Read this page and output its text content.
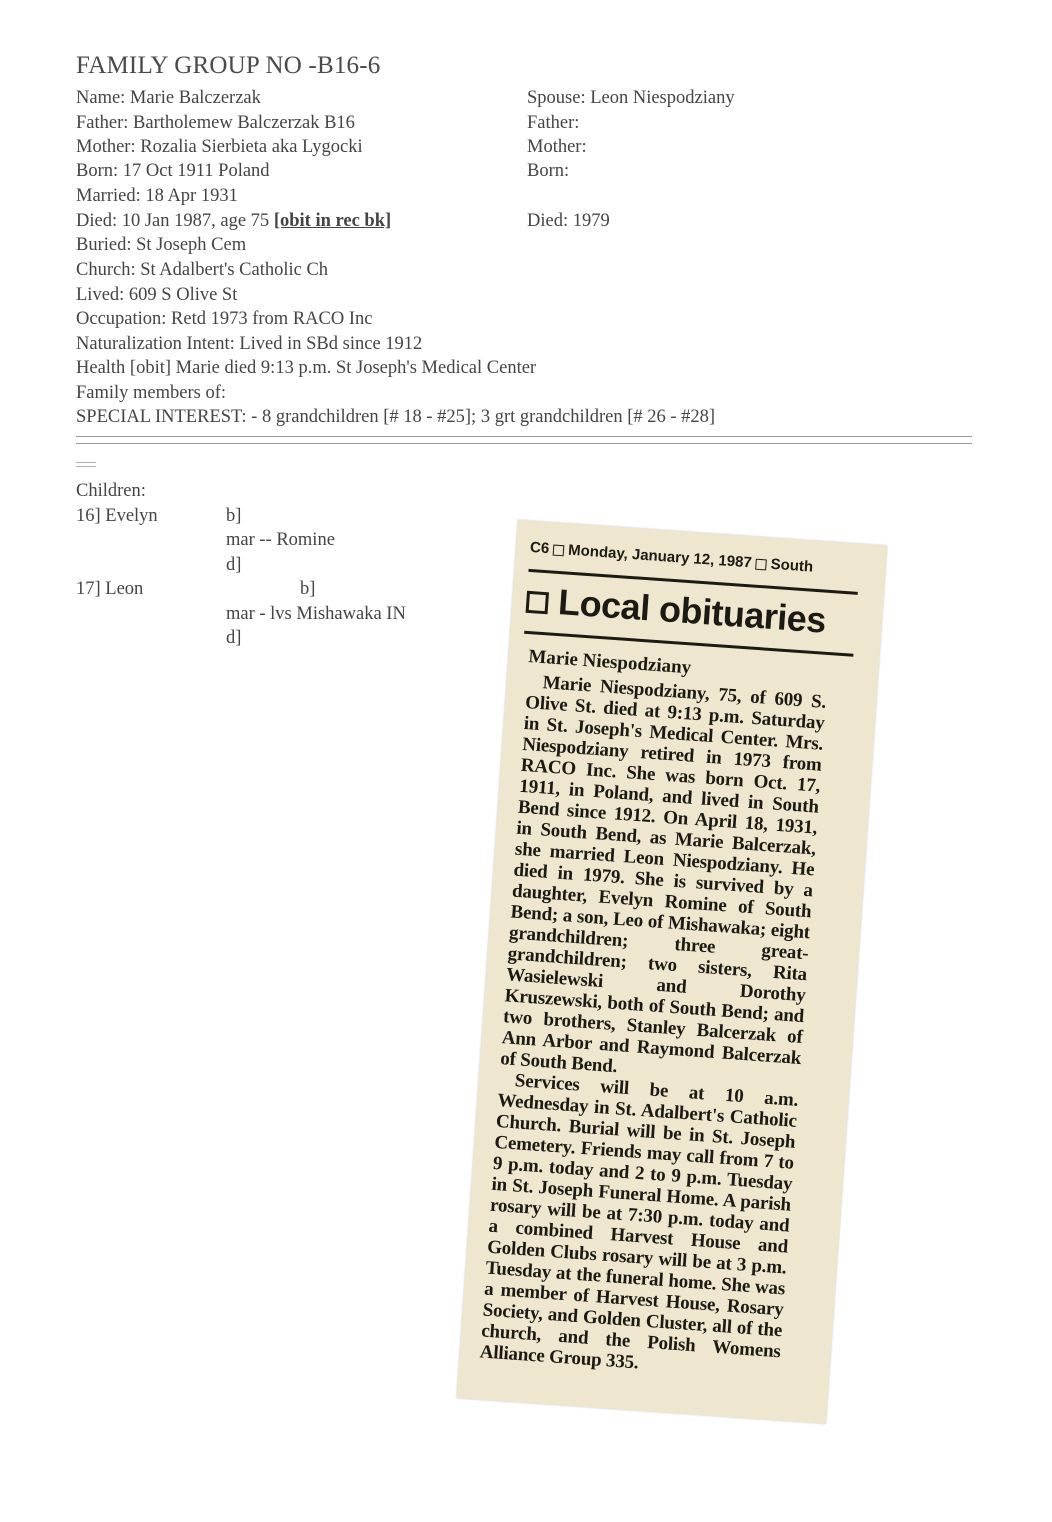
FAMILY GROUP NO -B16-6
Name: Marie Balczerzak
Father: Bartholemew Balczerzak B16
Mother: Rozalia Sierbieta aka Lygocki
Born: 17 Oct 1911 Poland
Married: 18 Apr 1931
Died: 10 Jan 1987, age 75 [obit in rec bk]
Buried: St Joseph Cem
Church: St Adalbert's Catholic Ch
Lived: 609 S Olive St
Occupation: Retd 1973 from RACO Inc
Naturalization Intent: Lived in SBd since 1912
Health [obit] Marie died 9:13 p.m. St Joseph's Medical Center
Family members of:
SPECIAL INTEREST: - 8 grandchildren [# 18 - #25]; 3 grt grandchildren [# 26 - #28]
Spouse: Leon Niespodziany
Father:
Mother:
Born:
Died: 1979
Children:
16] Evelyn	b]
mar -- Romine
d]
17] Leon	b]
mar - lvs Mishawaka IN
d]
C6 Monday, January 12, 1987 South
Local obituaries
Marie Niespodziany

Marie Niespodziany, 75, of 609 S. Olive St. died at 9:13 p.m. Saturday in St. Joseph's Medical Center. Mrs. Niespodziany retired in 1973 from RACO Inc. She was born Oct. 17, 1911, in Poland, and lived in South Bend since 1912. On April 18, 1931, in South Bend, as Marie Balcerzak, she married Leon Niespodziany. He died in 1979. She is survived by a daughter, Evelyn Romine of South Bend; a son, Leo of Mishawaka; eight grandchildren; three great-grandchildren; two sisters, Rita Wasielewski and Dorothy Kruszewski, both of South Bend; and two brothers, Stanley Balcerzak of Ann Arbor and Raymond Balcerzak of South Bend.

Services will be at 10 a.m. Wednesday in St. Adalbert's Catholic Church. Burial will be in St. Joseph Cemetery. Friends may call from 7 to 9 p.m. today and 2 to 9 p.m. Tuesday in St. Joseph Funeral Home. A parish rosary will be at 7:30 p.m. today and a combined Harvest House and Golden Clubs rosary will be at 3 p.m. Tuesday at the funeral home. She was a member of Harvest House, Rosary Society, and Golden Cluster, all of the church, and the Polish Womens Alliance Group 335.
